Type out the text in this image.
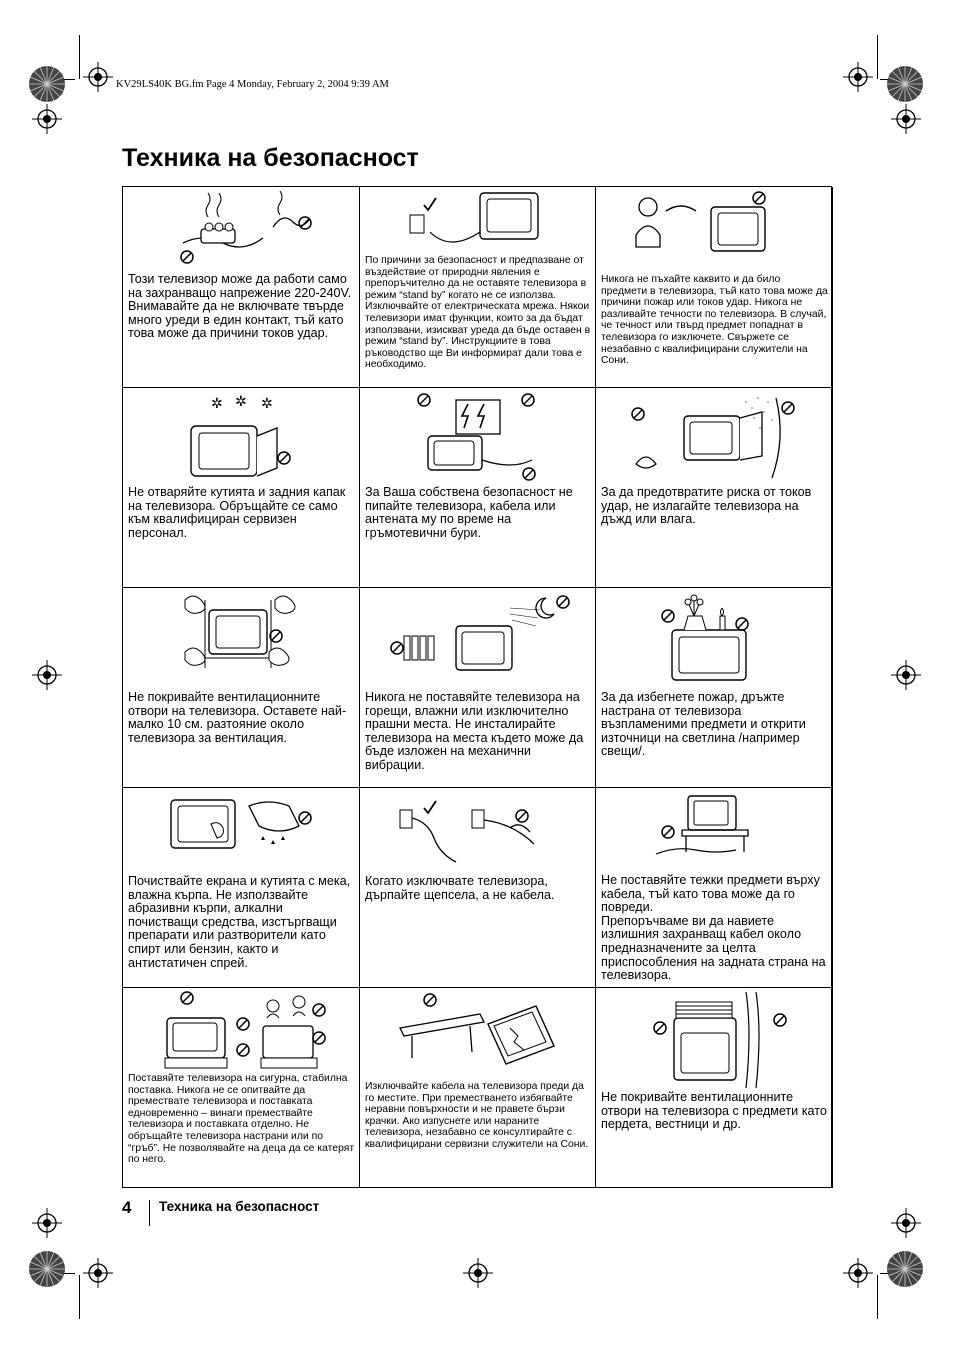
KV29LS40K BG.fm Page 4 Monday, February 2, 2004 9:39 AM
Техника на безопасност
Този телевизор може да работи само на захранващо напрежение 220-240V. Внимавайте да не включвате твърде много уреди в един контакт, тъй като това може да причини токов удар.
По причини за безопасност и предпазване от въздействие от природни явления е препоръчително да не оставяте телевизора в режим “stand by” когато не се използва. Изключвайте от електрическата мрежа. Някои телевизори имат функции, които за да бъдат използвани, изискват уреда да бъде оставен в режим “stand by”. Инструкциите в това ръководство ще Ви информират дали това е необходимо.
Никога не пъхайте каквито и да било предмети в телевизора, тъй като това може да причини пожар или токов удар. Никога не разливайте течности по телевизора. В случай, че течност или твърд предмет попаднат в телевизора го изключете. Свържете се незабавно с квалифицирани служители на Сони.
✲ ✲ ✲
Не отваряйте кутията и задния капак на телевизора. Обръщайте се само към квалифициран сервизен персонал.
За Ваша собствена безопасност не пипайте телевизора, кабела или антената му по време на гръмотевични бури.
За да предотвратите риска от токов удар, не излагайте телевизора на дъжд или влага.
Не покривайте вентилационните отвори на телевизора. Оставете най-малко 10 см. разтояние около телевизора за вентилация.
Никога не поставяйте телевизора на горещи, влажни или изключително прашни места. Не инсталирайте телевизора на места където може да бъде изложен на механични вибрации.
За да избегнете пожар, дръжте настрана от телевизора възпламеними предмети и открити източници на светлина /например свещи/.
Почиствайте екрана и кутията с мека, влажна кърпа. Не използвайте абразивни кърпи, алкални почистващи средства, изстъргващи препарати или разтворители като спирт или бензин, както и антистатичен спрей.
Когато изключвате телевизора, дърпайте щепсела, а не кабела.
Не поставяйте тежки предмети върху кабела, тъй като това може да го повреди.
Препоръчваме ви да навиете излишния захранващ кабел около предназначените за целта приспособления на задната страна на телевизора.
Поставяйте телевизора на сигурна, стабилна поставка. Никога не се опитвайте да премествате телевизора и поставката едновременно – винаги премествайте телевизора и поставката отделно. Не обръщайте телевизора настрани или по “гръб”. Не позволявайте на деца да се катерят по него.
Изключвайте кабела на телевизора преди да го местите. При преместването избягвайте неравни повърхности и не правете бързи крачки. Ако изпуснете или нараните телевизора, незабавно се консултирайте с квалифицирани сервизни служители на Сони.
Не покривайте вентилационните отвори на телевизора с предмети като пердета, вестници и др.
4 Техника на безопасност
